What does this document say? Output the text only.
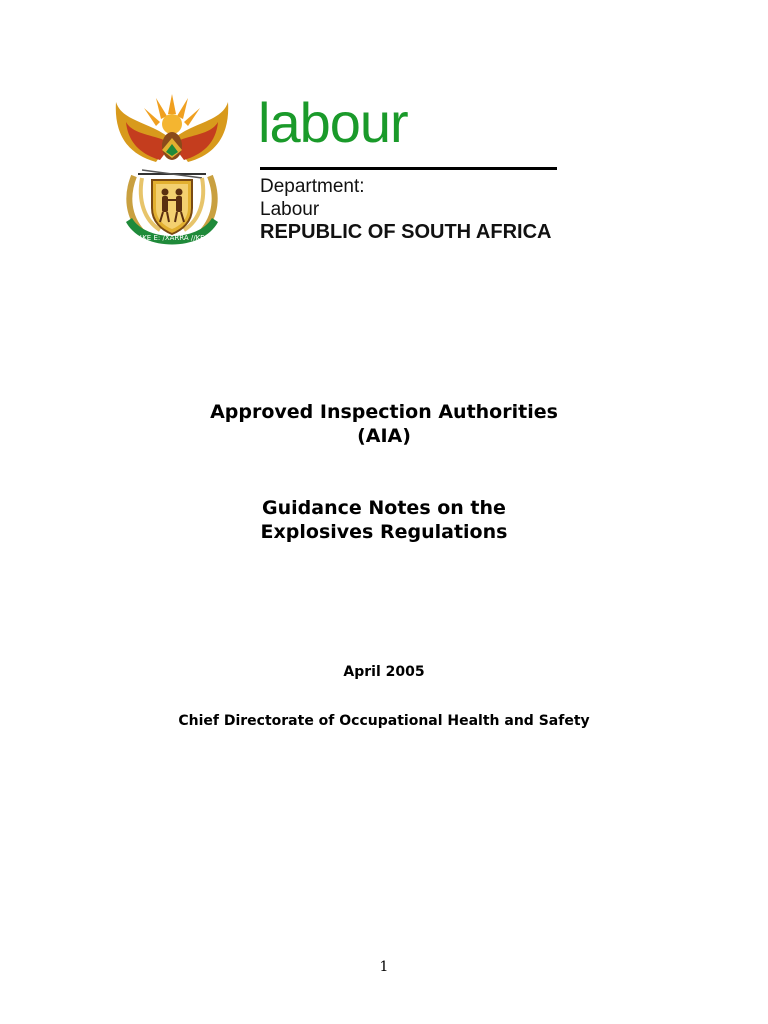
!KE E: /XARRA //KE
labour
Department:
Labour
REPUBLIC OF SOUTH AFRICA
Approved Inspection Authorities
(AIA)
Guidance Notes on the
Explosives Regulations
April 2005
Chief Directorate of Occupational Health and Safety
1
